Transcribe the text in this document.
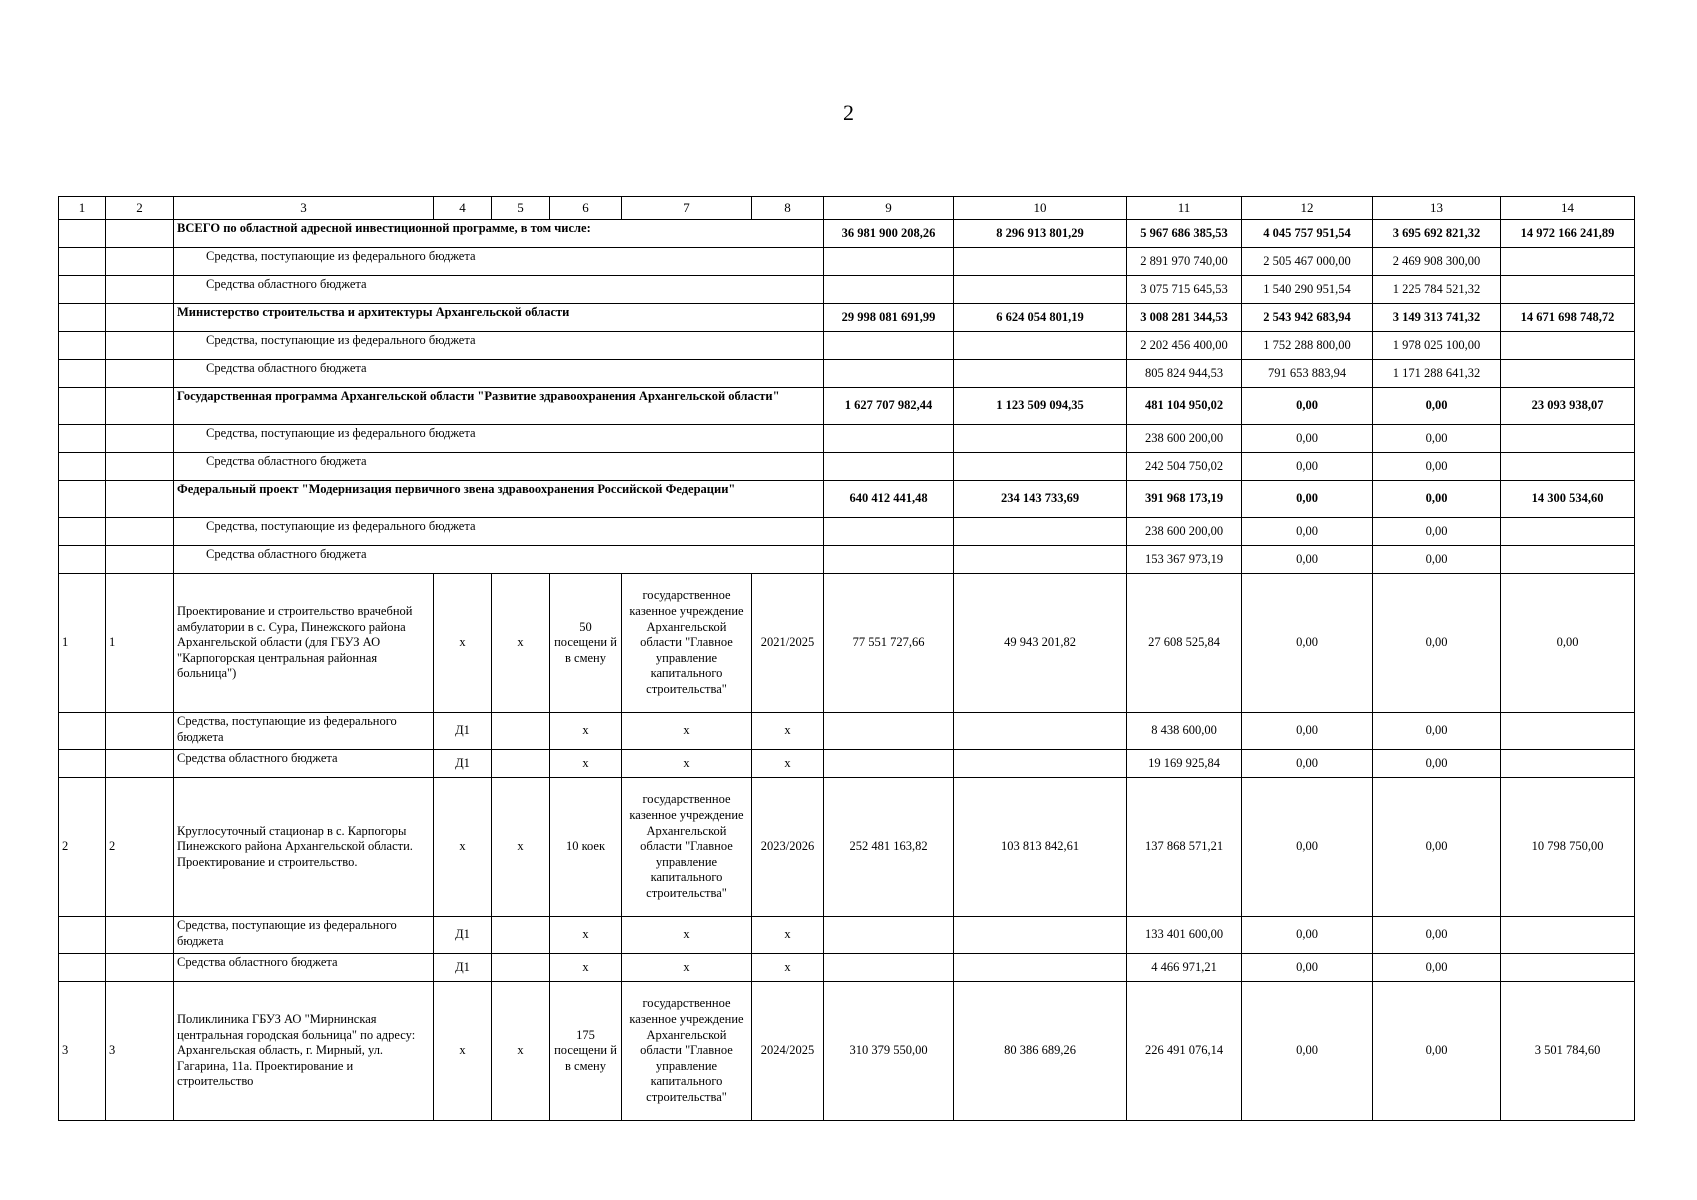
2
1	2	3	4	5	6	7	8	9	10	11	12	13	14
		ВСЕГО по областной адресной инвестиционной программе, в том числе:						36 981 900 208,26	8 296 913 801,29	5 967 686 385,53	4 045 757 951,54	3 695 692 821,32	14 972 166 241,89
		Средства, поступающие из федерального бюджета								2 891 970 740,00	2 505 467 000,00	2 469 908 300,00	
		Средства областного бюджета								3 075 715 645,53	1 540 290 951,54	1 225 784 521,32	
		Министерство строительства и архитектуры Архангельской области						29 998 081 691,99	6 624 054 801,19	3 008 281 344,53	2 543 942 683,94	3 149 313 741,32	14 671 698 748,72
		Средства, поступающие из федерального бюджета								2 202 456 400,00	1 752 288 800,00	1 978 025 100,00	
		Средства областного бюджета								805 824 944,53	791 653 883,94	1 171 288 641,32	
		Государственная программа Архангельской области "Развитие здравоохранения Архангельской области"						1 627 707 982,44	1 123 509 094,35	481 104 950,02	0,00	0,00	23 093 938,07
		Средства, поступающие из федерального бюджета								238 600 200,00	0,00	0,00	
		Средства областного бюджета								242 504 750,02	0,00	0,00	
		Федеральный проект "Модернизация первичного звена здравоохранения Российской Федерации"						640 412 441,48	234 143 733,69	391 968 173,19	0,00	0,00	14 300 534,60
		Средства, поступающие из федерального бюджета								238 600 200,00	0,00	0,00	
		Средства областного бюджета								153 367 973,19	0,00	0,00	
1	1	Проектирование и строительство врачебной амбулатории в с. Сура, Пинежского района Архангельской области (для ГБУЗ АО "Карпогорская центральная районная больница")	х	х	50 посещени й в смену	государственное казенное учреждение Архангельской области "Главное управление капитального строительства"	2021/2025	77 551 727,66	49 943 201,82	27 608 525,84	0,00	0,00	0,00
		Средства, поступающие из федерального бюджета	Д1		х	х	х			8 438 600,00	0,00	0,00	
		Средства областного бюджета	Д1		х	х	х			19 169 925,84	0,00	0,00	
2	2	Круглосуточный стационар в с. Карпогоры Пинежского района Архангельской области. Проектирование и строительство.	х	х	10 коек	государственное казенное учреждение Архангельской области "Главное управление капитального строительства"	2023/2026	252 481 163,82	103 813 842,61	137 868 571,21	0,00	0,00	10 798 750,00
		Средства, поступающие из федерального бюджета	Д1		х	х	х			133 401 600,00	0,00	0,00	
		Средства областного бюджета	Д1		х	х	х			4 466 971,21	0,00	0,00	
3	3	Поликлиника ГБУЗ АО "Мирнинская центральная городская больница" по адресу: Архангельская область, г. Мирный, ул. Гагарина, 11а. Проектирование и строительство	х	х	175 посещени й в смену	государственное казенное учреждение Архангельской области "Главное управление капитального строительства"	2024/2025	310 379 550,00	80 386 689,26	226 491 076,14	0,00	0,00	3 501 784,60
